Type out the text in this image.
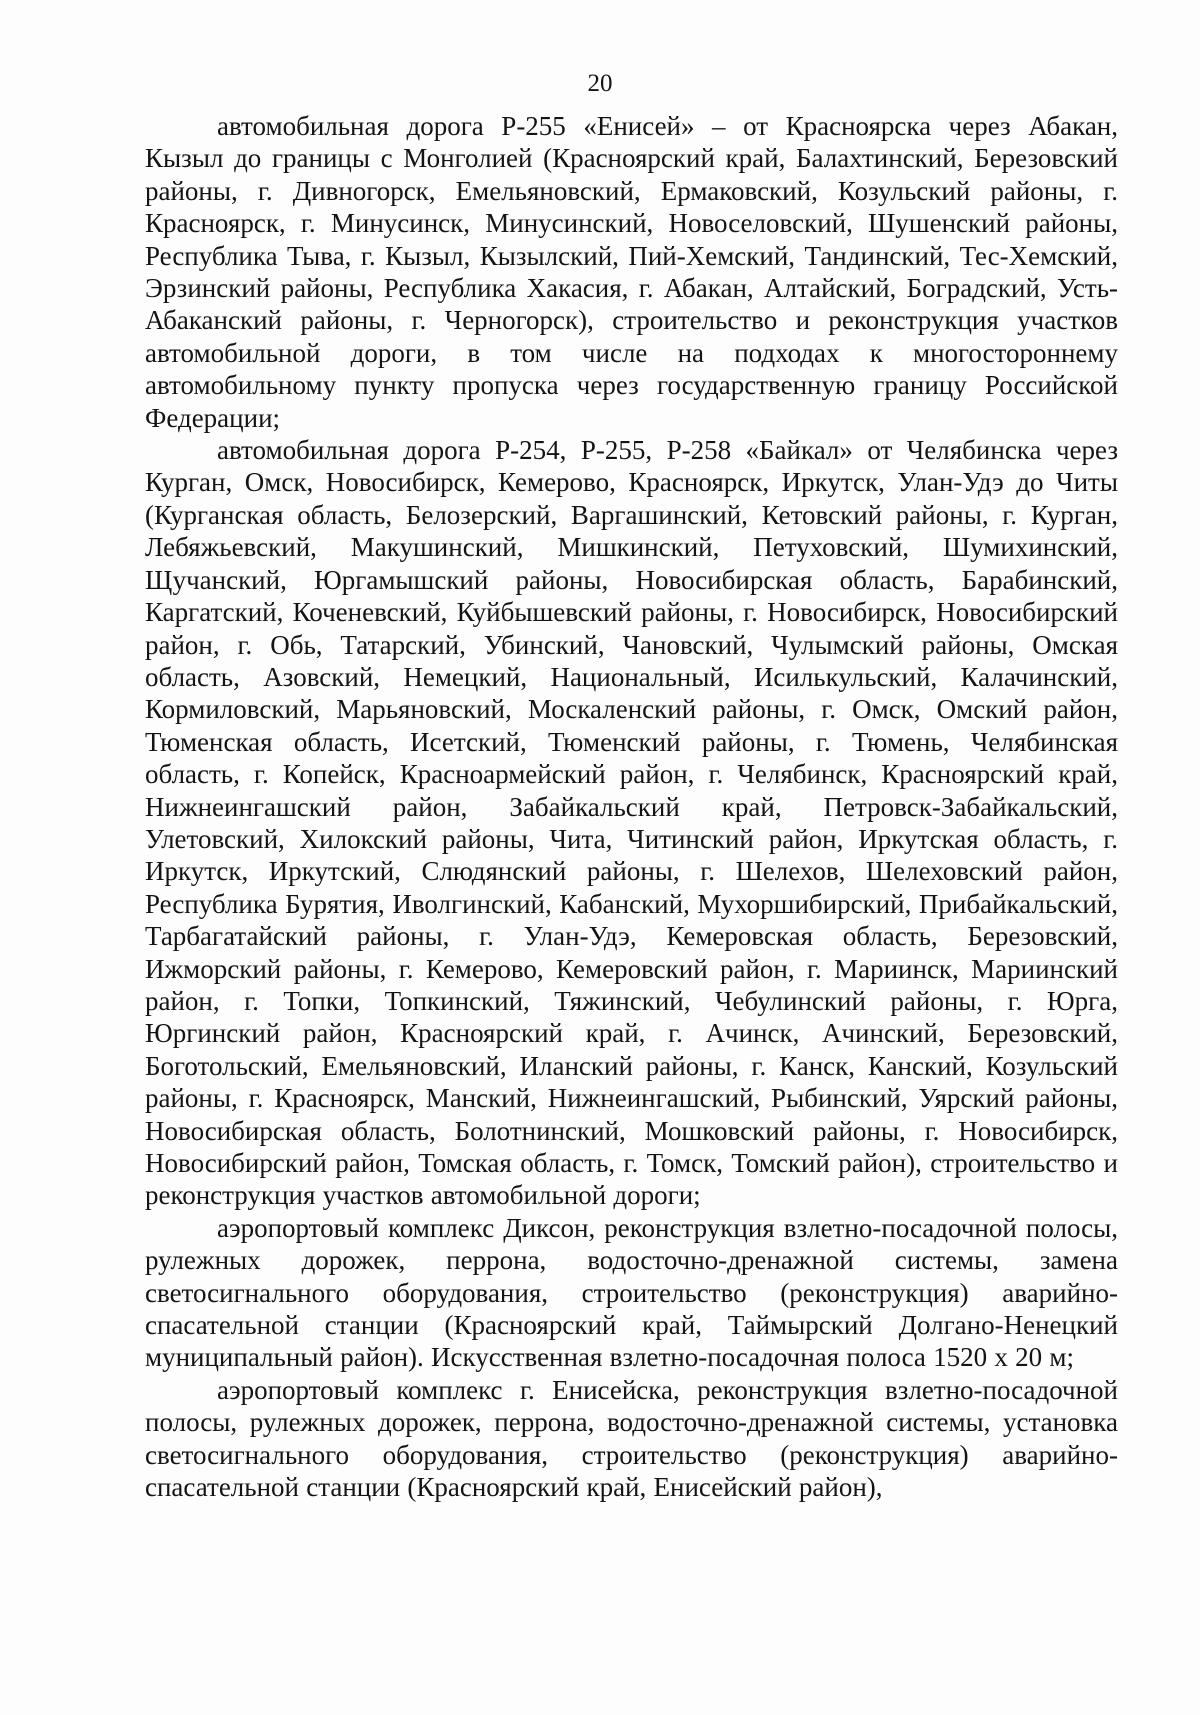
20

автомобильная дорога Р-255 «Енисей» – от Красноярска через Абакан, Кызыл до границы с Монголией (Красноярский край, Балахтинский, Березовский районы, г. Дивногорск, Емельяновский, Ермаковский, Козульский районы, г. Красноярск, г. Минусинск, Минусинский, Новоселовский, Шушенский районы, Республика Тыва, г. Кызыл, Кызылский, Пий-Хемский, Тандинский, Тес-Хемский, Эрзинский районы, Республика Хакасия, г. Абакан, Алтайский, Боградский, Усть-Абаканский районы, г. Черногорск), строительство и реконструкция участков автомобильной дороги, в том числе на подходах к многостороннему автомобильному пункту пропуска через государственную границу Российской Федерации;

автомобильная дорога Р-254, Р-255, Р-258 «Байкал» от Челябинска через Курган, Омск, Новосибирск, Кемерово, Красноярск, Иркутск, Улан-Удэ до Читы (Курганская область, Белозерский, Варгашинский, Кетовский районы, г. Курган, Лебяжьевский, Макушинский, Мишкинский, Петуховский, Шумихинский, Щучанский, Юргамышский районы, Новосибирская область, Барабинский, Каргатский, Коченевский, Куйбышевский районы, г. Новосибирск, Новосибирский район, г. Обь, Татарский, Убинский, Чановский, Чулымский районы, Омская область, Азовский, Немецкий, Национальный, Исилькульский, Калачинский, Кормиловский, Марьяновский, Москаленский районы, г. Омск, Омский район, Тюменская область, Исетский, Тюменский районы, г. Тюмень, Челябинская область, г. Копейск, Красноармейский район, г. Челябинск, Красноярский край, Нижнеингашский район, Забайкальский край, Петровск-Забайкальский, Улетовский, Хилокский районы, Чита, Читинский район, Иркутская область, г. Иркутск, Иркутский, Слюдянский районы, г. Шелехов, Шелеховский район, Республика Бурятия, Иволгинский, Кабанский, Мухоршибирский, Прибайкальский, Тарбагатайский районы, г. Улан-Удэ, Кемеровская область, Березовский, Ижморский районы, г. Кемерово, Кемеровский район, г. Мариинск, Мариинский район, г. Топки, Топкинский, Тяжинский, Чебулинский районы, г. Юрга, Юргинский район, Красноярский край, г. Ачинск, Ачинский, Березовский, Боготольский, Емельяновский, Иланский районы, г. Канск, Канский, Козульский районы, г. Красноярск, Манский, Нижнеингашский, Рыбинский, Уярский районы, Новосибирская область, Болотнинский, Мошковский районы, г. Новосибирск, Новосибирский район, Томская область, г. Томск, Томский район), строительство и реконструкция участков автомобильной дороги;

аэропортовый комплекс Диксон, реконструкция взлетно-посадочной полосы, рулежных дорожек, перрона, водосточно-дренажной системы, замена светосигнального оборудования, строительство (реконструкция) аварийно-спасательной станции (Красноярский край, Таймырский Долгано-Ненецкий муниципальный район). Искусственная взлетно-посадочная полоса 1520 х 20 м;

аэропортовый комплекс г. Енисейска, реконструкция взлетно-посадочной полосы, рулежных дорожек, перрона, водосточно-дренажной системы, установка светосигнального оборудования, строительство (реконструкция) аварийно-спасательной станции (Красноярский край, Енисейский район),
